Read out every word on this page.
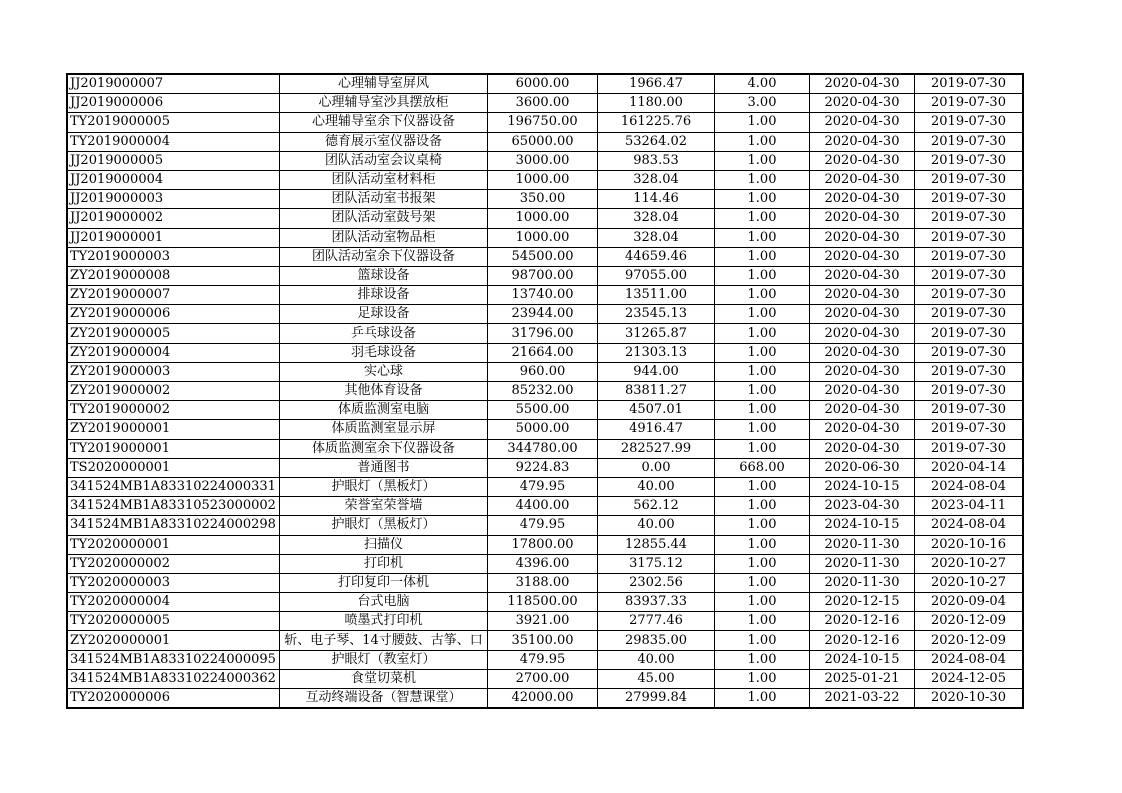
JJ2019000007	心理辅导室屏风	6000.00	1966.47	4.00	2020-04-30	2019-07-30
JJ2019000006	心理辅导室沙具摆放柜	3600.00	1180.00	3.00	2020-04-30	2019-07-30
TY2019000005	心理辅导室余下仪器设备	196750.00	161225.76	1.00	2020-04-30	2019-07-30
TY2019000004	德育展示室仪器设备	65000.00	53264.02	1.00	2020-04-30	2019-07-30
JJ2019000005	团队活动室会议桌椅	3000.00	983.53	1.00	2020-04-30	2019-07-30
JJ2019000004	团队活动室材料柜	1000.00	328.04	1.00	2020-04-30	2019-07-30
JJ2019000003	团队活动室书报架	350.00	114.46	1.00	2020-04-30	2019-07-30
JJ2019000002	团队活动室鼓号架	1000.00	328.04	1.00	2020-04-30	2019-07-30
JJ2019000001	团队活动室物品柜	1000.00	328.04	1.00	2020-04-30	2019-07-30
TY2019000003	团队活动室余下仪器设备	54500.00	44659.46	1.00	2020-04-30	2019-07-30
ZY2019000008	篮球设备	98700.00	97055.00	1.00	2020-04-30	2019-07-30
ZY2019000007	排球设备	13740.00	13511.00	1.00	2020-04-30	2019-07-30
ZY2019000006	足球设备	23944.00	23545.13	1.00	2020-04-30	2019-07-30
ZY2019000005	乒乓球设备	31796.00	31265.87	1.00	2020-04-30	2019-07-30
ZY2019000004	羽毛球设备	21664.00	21303.13	1.00	2020-04-30	2019-07-30
ZY2019000003	实心球	960.00	944.00	1.00	2020-04-30	2019-07-30
ZY2019000002	其他体育设备	85232.00	83811.27	1.00	2020-04-30	2019-07-30
TY2019000002	体质监测室电脑	5500.00	4507.01	1.00	2020-04-30	2019-07-30
ZY2019000001	体质监测室显示屏	5000.00	4916.47	1.00	2020-04-30	2019-07-30
TY2019000001	体质监测室余下仪器设备	344780.00	282527.99	1.00	2020-04-30	2019-07-30
TS2020000001	普通图书	9224.83	0.00	668.00	2020-06-30	2020-04-14
341524MB1A83310224000331	护眼灯（黑板灯）	479.95	40.00	1.00	2024-10-15	2024-08-04
341524MB1A83310523000002	荣誉室荣誉墙	4400.00	562.12	1.00	2023-04-30	2023-04-11
341524MB1A83310224000298	护眼灯（黑板灯）	479.95	40.00	1.00	2024-10-15	2024-08-04
TY2020000001	扫描仪	17800.00	12855.44	1.00	2020-11-30	2020-10-16
TY2020000002	打印机	4396.00	3175.12	1.00	2020-11-30	2020-10-27
TY2020000003	打印复印一体机	3188.00	2302.56	1.00	2020-11-30	2020-10-27
TY2020000004	台式电脑	118500.00	83937.33	1.00	2020-12-15	2020-09-04
TY2020000005	喷墨式打印机	3921.00	2777.46	1.00	2020-12-16	2020-12-09
ZY2020000001	斩、电子琴、14寸腰鼓、古筝、口	35100.00	29835.00	1.00	2020-12-16	2020-12-09
341524MB1A83310224000095	护眼灯（教室灯）	479.95	40.00	1.00	2024-10-15	2024-08-04
341524MB1A83310224000362	食堂切菜机	2700.00	45.00	1.00	2025-01-21	2024-12-05
TY2020000006	互动终端设备（智慧课堂）	42000.00	27999.84	1.00	2021-03-22	2020-10-30
